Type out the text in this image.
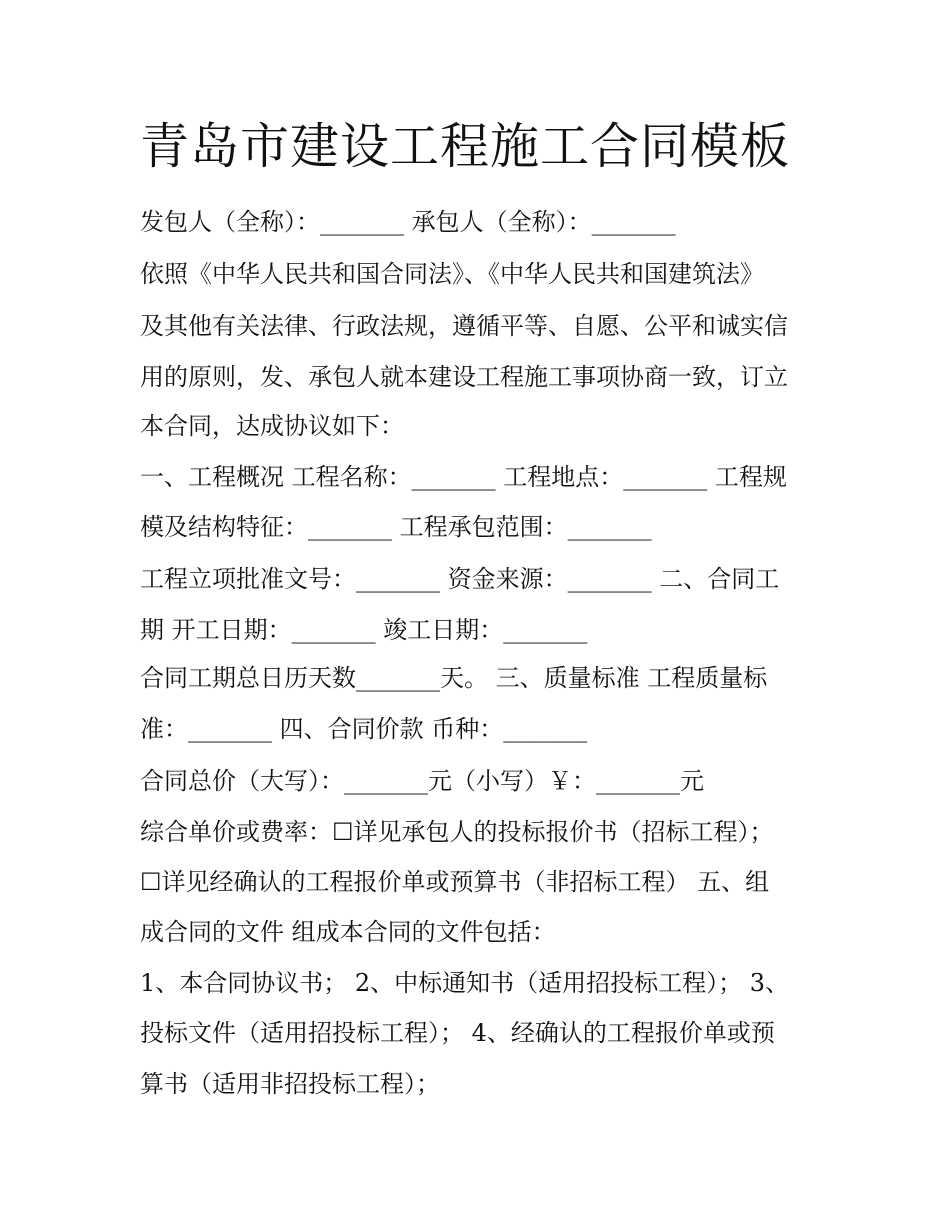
青岛市建设工程施工合同模板

发包人（全称）：_______ 承包人（全称）：_______

依照《中华人民共和国合同法》、《中华人民共和国建筑法》

及其他有关法律、行政法规，遵循平等、自愿、公平和诚实信

用的原则，发、承包人就本建设工程施工事项协商一致，订立

本合同，达成协议如下：

一、工程概况 工程名称：_______ 工程地点：_______ 工程规

模及结构特征：_______ 工程承包范围：_______

工程立项批准文号：_______ 资金来源：_______ 二、合同工

期 开工日期：_______ 竣工日期：_______

合同工期总日历天数_______天。 三、质量标准 工程质量标

准：_______ 四、合同价款 币种：_______

合同总价（大写）：_______元（小写）￥：_______元

综合单价或费率：☐详见承包人的投标报价书（招标工程）；

☐详见经确认的工程报价单或预算书（非招标工程） 五、组

成合同的文件 组成本合同的文件包括：

1、本合同协议书； 2、中标通知书（适用招投标工程）； 3、

投标文件（适用招投标工程）； 4、经确认的工程报价单或预

算书（适用非招投标工程）；
